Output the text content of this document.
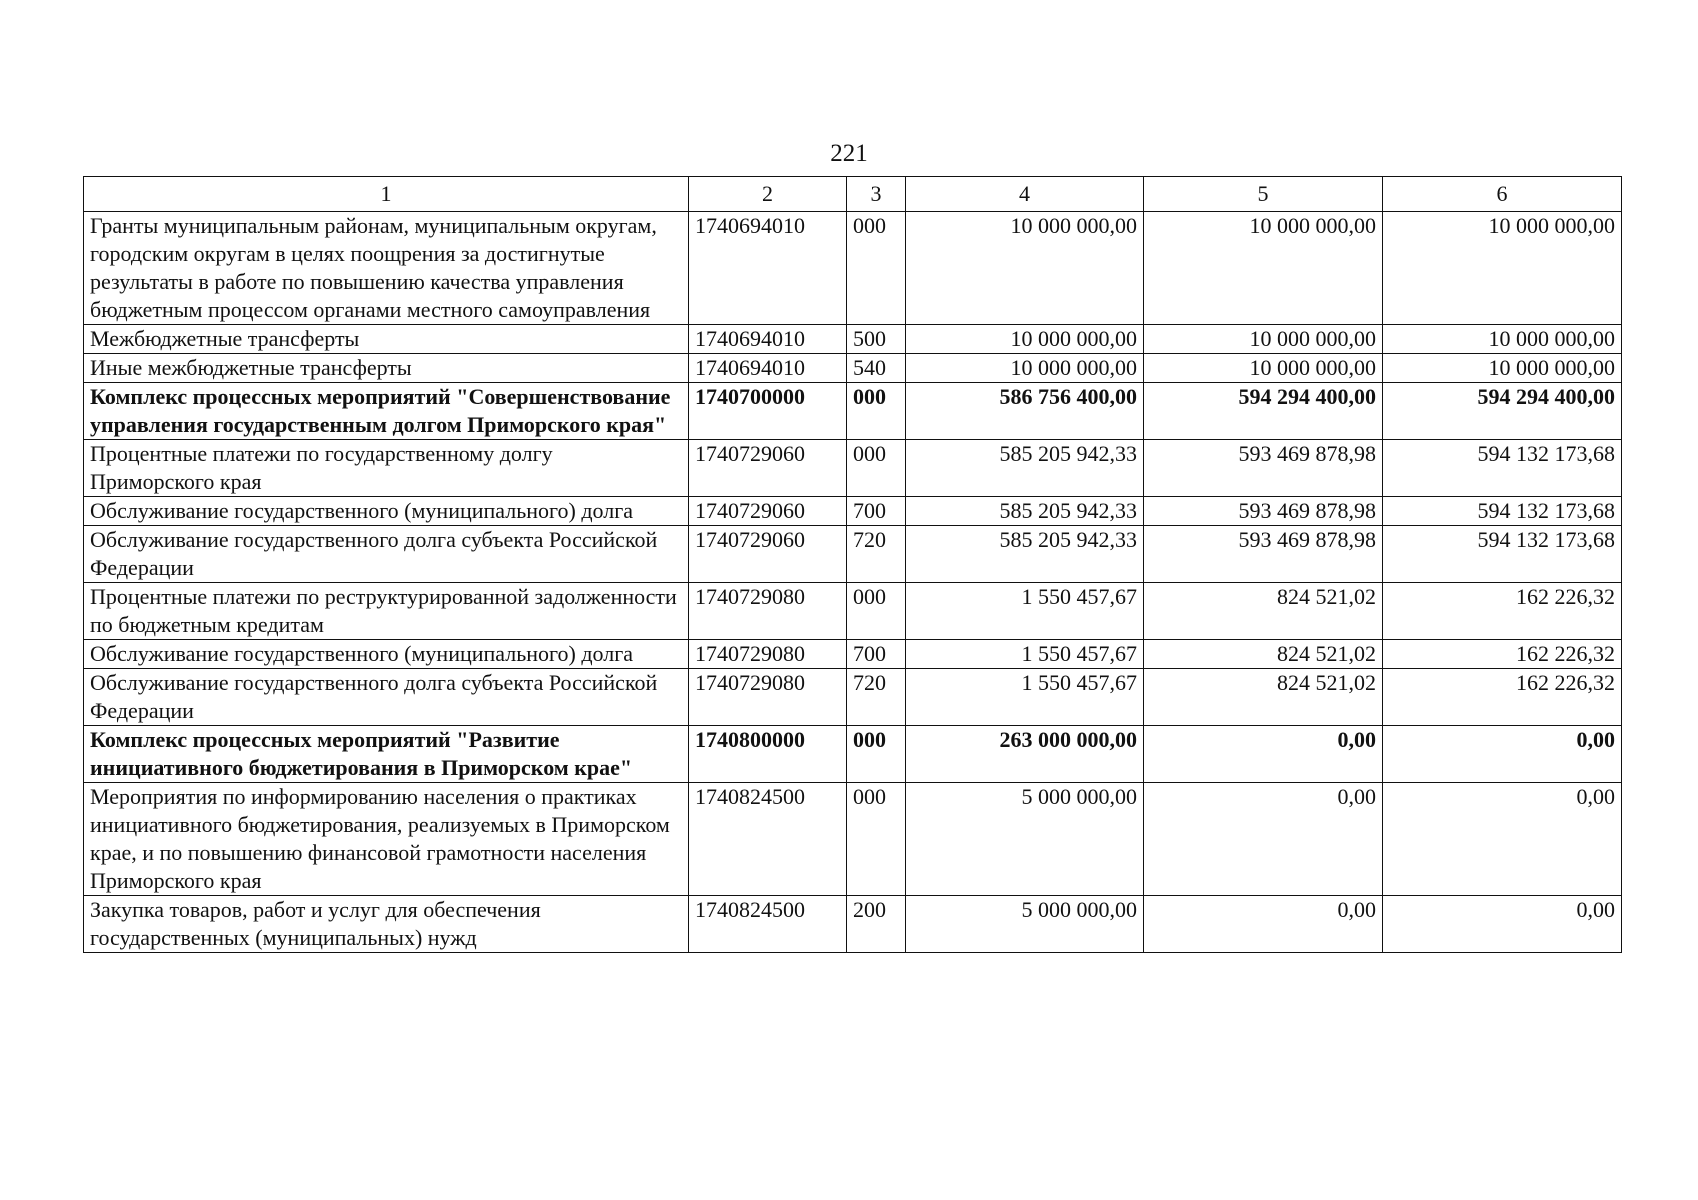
221
1	2	3	4	5	6
Гранты муниципальным районам, муниципальным округам, городским округам в целях поощрения за достигнутые результаты в работе по повышению качества управления бюджетным процессом органами местного самоуправления	1740694010	000	10 000 000,00	10 000 000,00	10 000 000,00
Межбюджетные трансферты	1740694010	500	10 000 000,00	10 000 000,00	10 000 000,00
Иные межбюджетные трансферты	1740694010	540	10 000 000,00	10 000 000,00	10 000 000,00
Комплекс процессных мероприятий "Совершенствование управления государственным долгом Приморского края"	1740700000	000	586 756 400,00	594 294 400,00	594 294 400,00
Процентные платежи по государственному долгу Приморского края	1740729060	000	585 205 942,33	593 469 878,98	594 132 173,68
Обслуживание государственного (муниципального) долга	1740729060	700	585 205 942,33	593 469 878,98	594 132 173,68
Обслуживание государственного долга субъекта Российской Федерации	1740729060	720	585 205 942,33	593 469 878,98	594 132 173,68
Процентные платежи по реструктурированной задолженности по бюджетным кредитам	1740729080	000	1 550 457,67	824 521,02	162 226,32
Обслуживание государственного (муниципального) долга	1740729080	700	1 550 457,67	824 521,02	162 226,32
Обслуживание государственного долга субъекта Российской Федерации	1740729080	720	1 550 457,67	824 521,02	162 226,32
Комплекс процессных мероприятий "Развитие инициативного бюджетирования в Приморском крае"	1740800000	000	263 000 000,00	0,00	0,00
Мероприятия по информированию населения о практиках инициативного бюджетирования, реализуемых в Приморском крае, и по повышению финансовой грамотности населения Приморского края	1740824500	000	5 000 000,00	0,00	0,00
Закупка товаров, работ и услуг для обеспечения государственных (муниципальных) нужд	1740824500	200	5 000 000,00	0,00	0,00
